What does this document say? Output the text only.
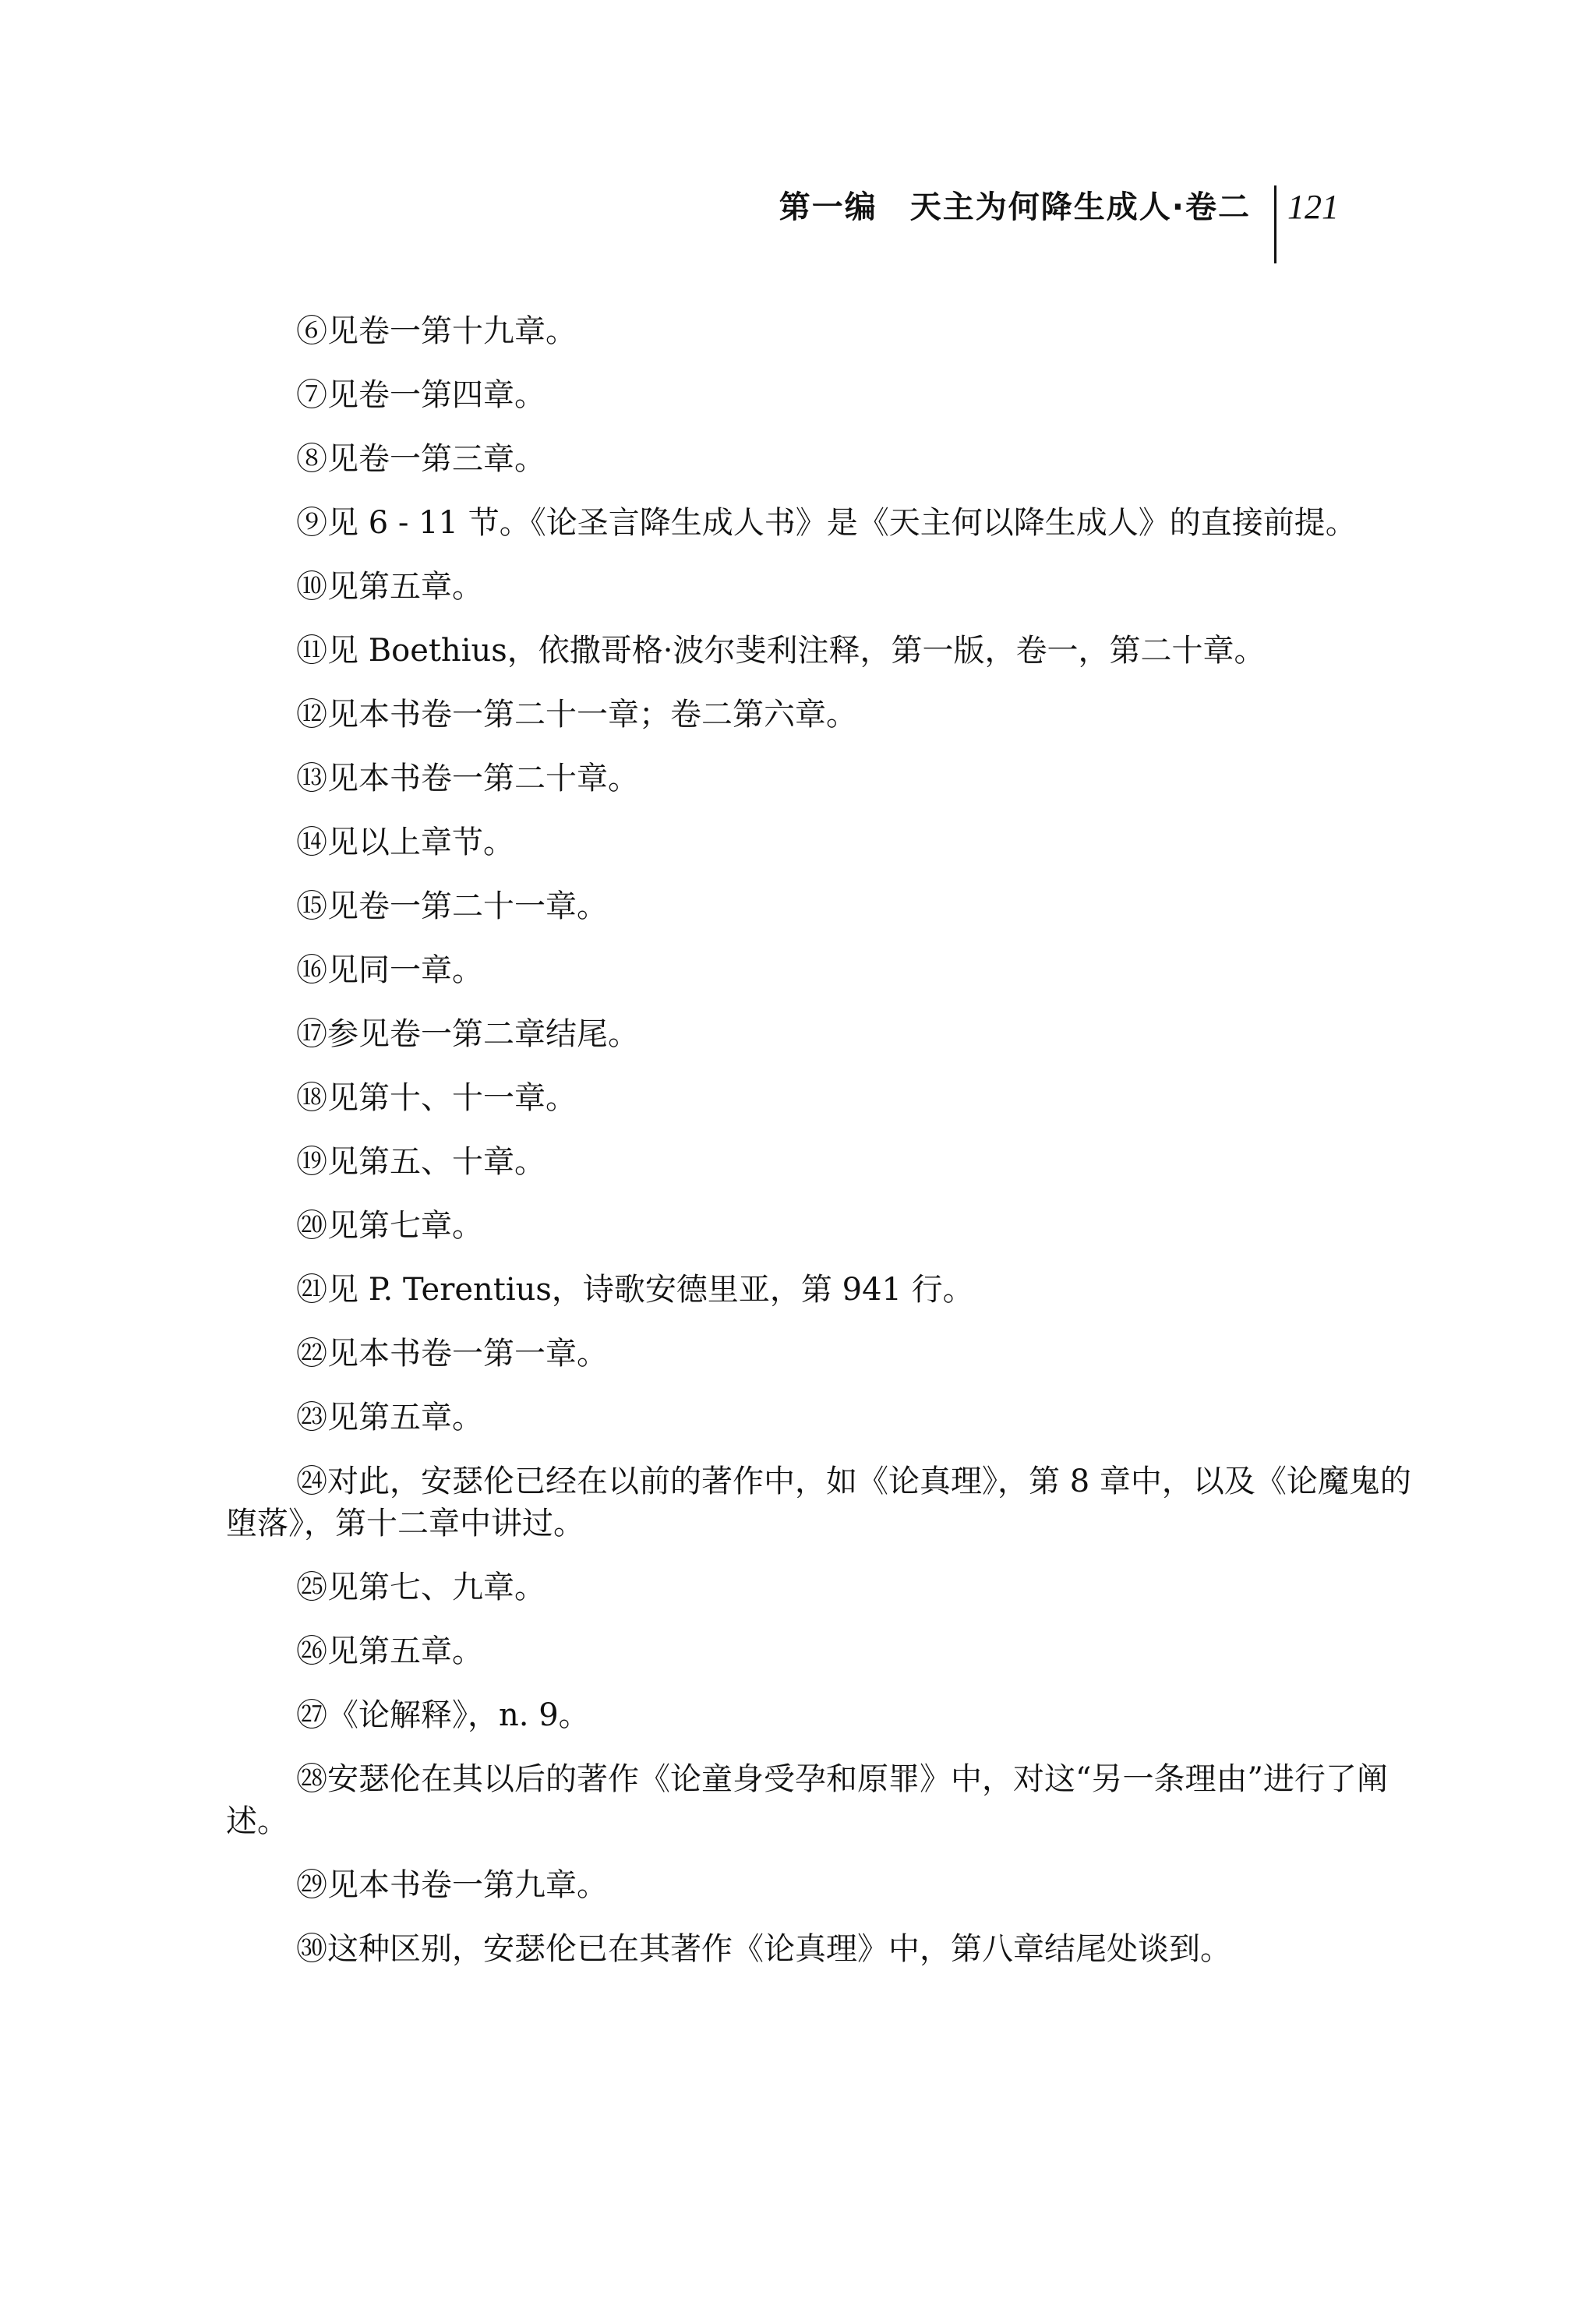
第一编　天主为何降生成人·卷二 121

⑥见卷一第十九章。

⑦见卷一第四章。

⑧见卷一第三章。

⑨见 6 - 11 节。《论圣言降生成人书》是《天主何以降生成人》的直接前提。

⑩见第五章。

⑪见 Boethius，依撒哥格·波尔斐利注释，第一版，卷一，第二十章。

⑫见本书卷一第二十一章；卷二第六章。

⑬见本书卷一第二十章。

⑭见以上章节。

⑮见卷一第二十一章。

⑯见同一章。

⑰参见卷一第二章结尾。

⑱见第十、十一章。

⑲见第五、十章。

⑳见第七章。

㉑见 P. Terentius，诗歌安德里亚，第 941 行。

㉒见本书卷一第一章。

㉓见第五章。

㉔对此，安瑟伦已经在以前的著作中，如《论真理》，第 8 章中，以及《论魔鬼的堕落》，第十二章中讲过。

㉕见第七、九章。

㉖见第五章。

㉗《论解释》，n. 9。

㉘安瑟伦在其以后的著作《论童身受孕和原罪》中，对这“另一条理由”进行了阐述。

㉙见本书卷一第九章。

㉚这种区别，安瑟伦已在其著作《论真理》中，第八章结尾处谈到。
